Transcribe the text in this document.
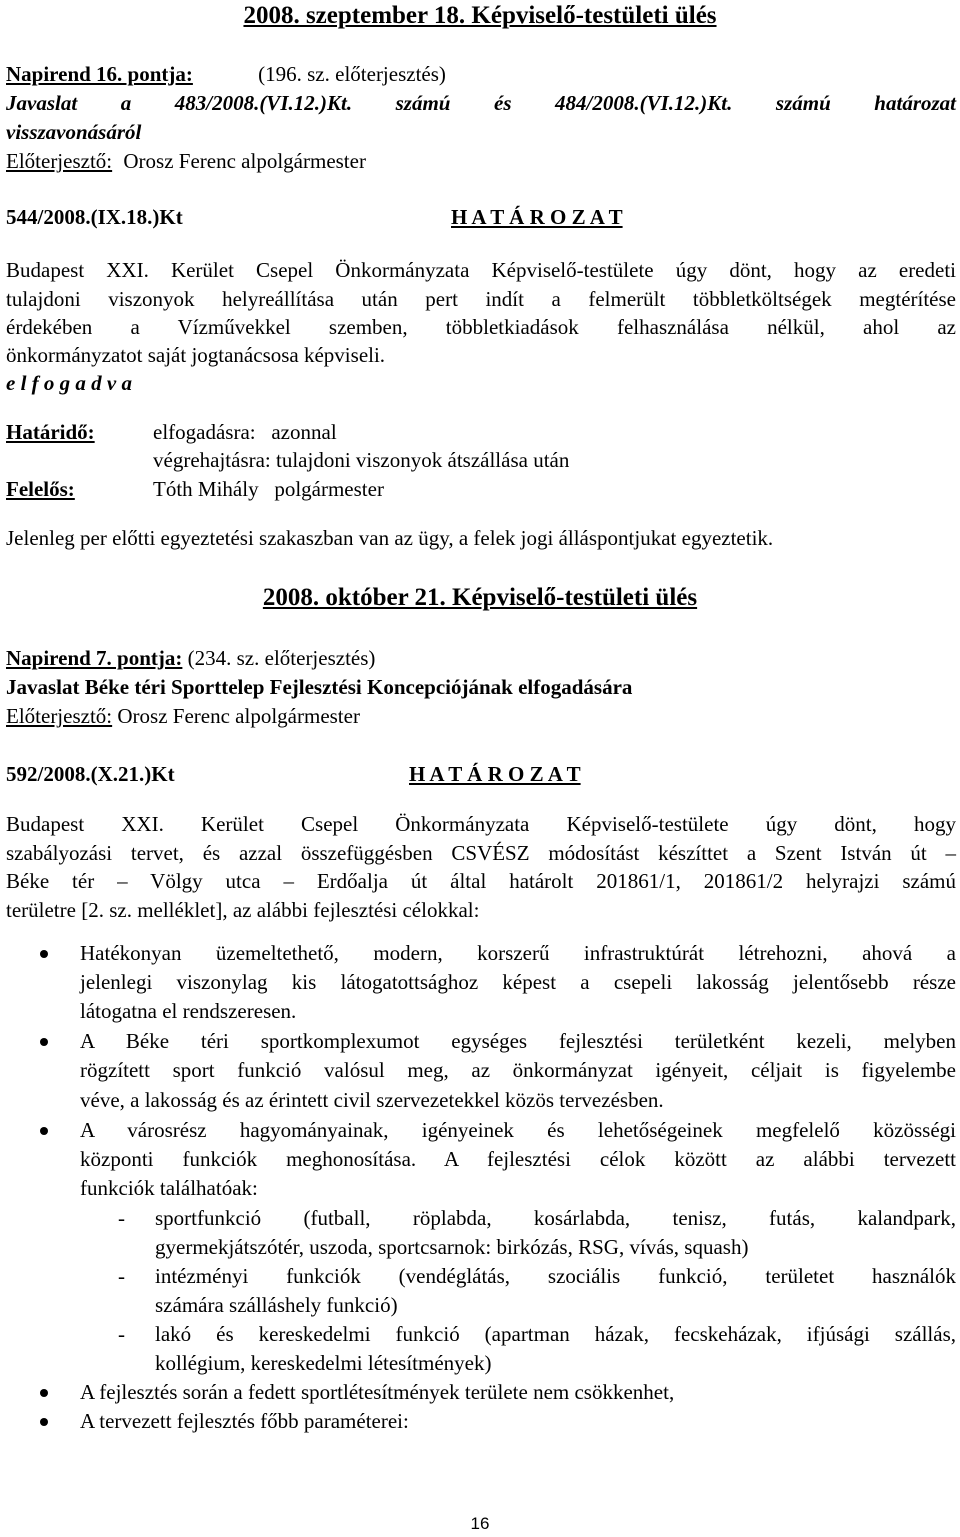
2008. szeptember 18. Képviselő-testületi ülés
Napirend 16. pontja:	(196. sz. előterjesztés)
Javaslat a 483/2008.(VI.12.)Kt. számú és 484/2008.(VI.12.)Kt. számú határozat
visszavonásáról
Előterjesztő: Orosz Ferenc alpolgármester
544/2008.(IX.18.)Kt	H A T Á R O Z A T
Budapest XXI. Kerület Csepel Önkormányzata Képviselő-testülete úgy dönt, hogy az eredeti
tulajdoni viszonyok helyreállítása után pert indít a felmerült többletköltségek megtérítése
érdekében a Vízművekkel szemben, többletkiadások felhasználása nélkül, ahol az
önkormányzatot saját jogtanácsosa képviseli.
e l f o g a d v a
Határidő:	elfogadásra:   azonnal
végrehajtásra: tulajdoni viszonyok átszállása után
Felelős:	Tóth Mihály   polgármester
Jelenleg per előtti egyeztetési szakaszban van az ügy, a felek jogi álláspontjukat egyeztetik.
2008. október 21. Képviselő-testületi ülés
Napirend 7. pontja: (234. sz. előterjesztés)
Javaslat Béke téri Sporttelep Fejlesztési Koncepciójának elfogadására
Előterjesztő: Orosz Ferenc alpolgármester
592/2008.(X.21.)Kt	H A T Á R O Z A T
Budapest XXI. Kerület Csepel Önkormányzata Képviselő-testülete úgy dönt, hogy
szabályozási tervet, és azzal összefüggésben CSVÉSZ módosítást készíttet a Szent István út –
Béke tér – Völgy utca – Erdőalja út által határolt 201861/1, 201861/2 helyrajzi számú
területre [2. sz. melléklet], az alábbi fejlesztési célokkal:
Hatékonyan üzemeltethető, modern, korszerű infrastruktúrát létrehozni, ahová a
jelenlegi viszonylag kis látogatottsághoz képest a csepeli lakosság jelentősebb része
látogatna el rendszeresen.
A Béke téri sportkomplexumot egységes fejlesztési területként kezeli, melyben
rögzített sport funkció valósul meg, az önkormányzat igényeit, céljait is figyelembe
véve, a lakosság és az érintett civil szervezetekkel közös tervezésben.
A városrész hagyományainak, igényeinek és lehetőségeinek megfelelő közösségi
központi funkciók meghonosítása. A fejlesztési célok között az alábbi tervezett
funkciók találhatóak:
- sportfunkció (futball, röplabda, kosárlabda, tenisz, futás, kalandpark,
gyermekjátszótér, uszoda, sportcsarnok: birkózás, RSG, vívás, squash)
- intézményi funkciók (vendéglátás, szociális funkció, területet használók
számára szálláshely funkció)
- lakó és kereskedelmi funkció (apartman házak, fecskeházak, ifjúsági szállás,
kollégium, kereskedelmi létesítmények)
A fejlesztés során a fedett sportlétesítmények területe nem csökkenhet,
A tervezett fejlesztés főbb paraméterei:
16
